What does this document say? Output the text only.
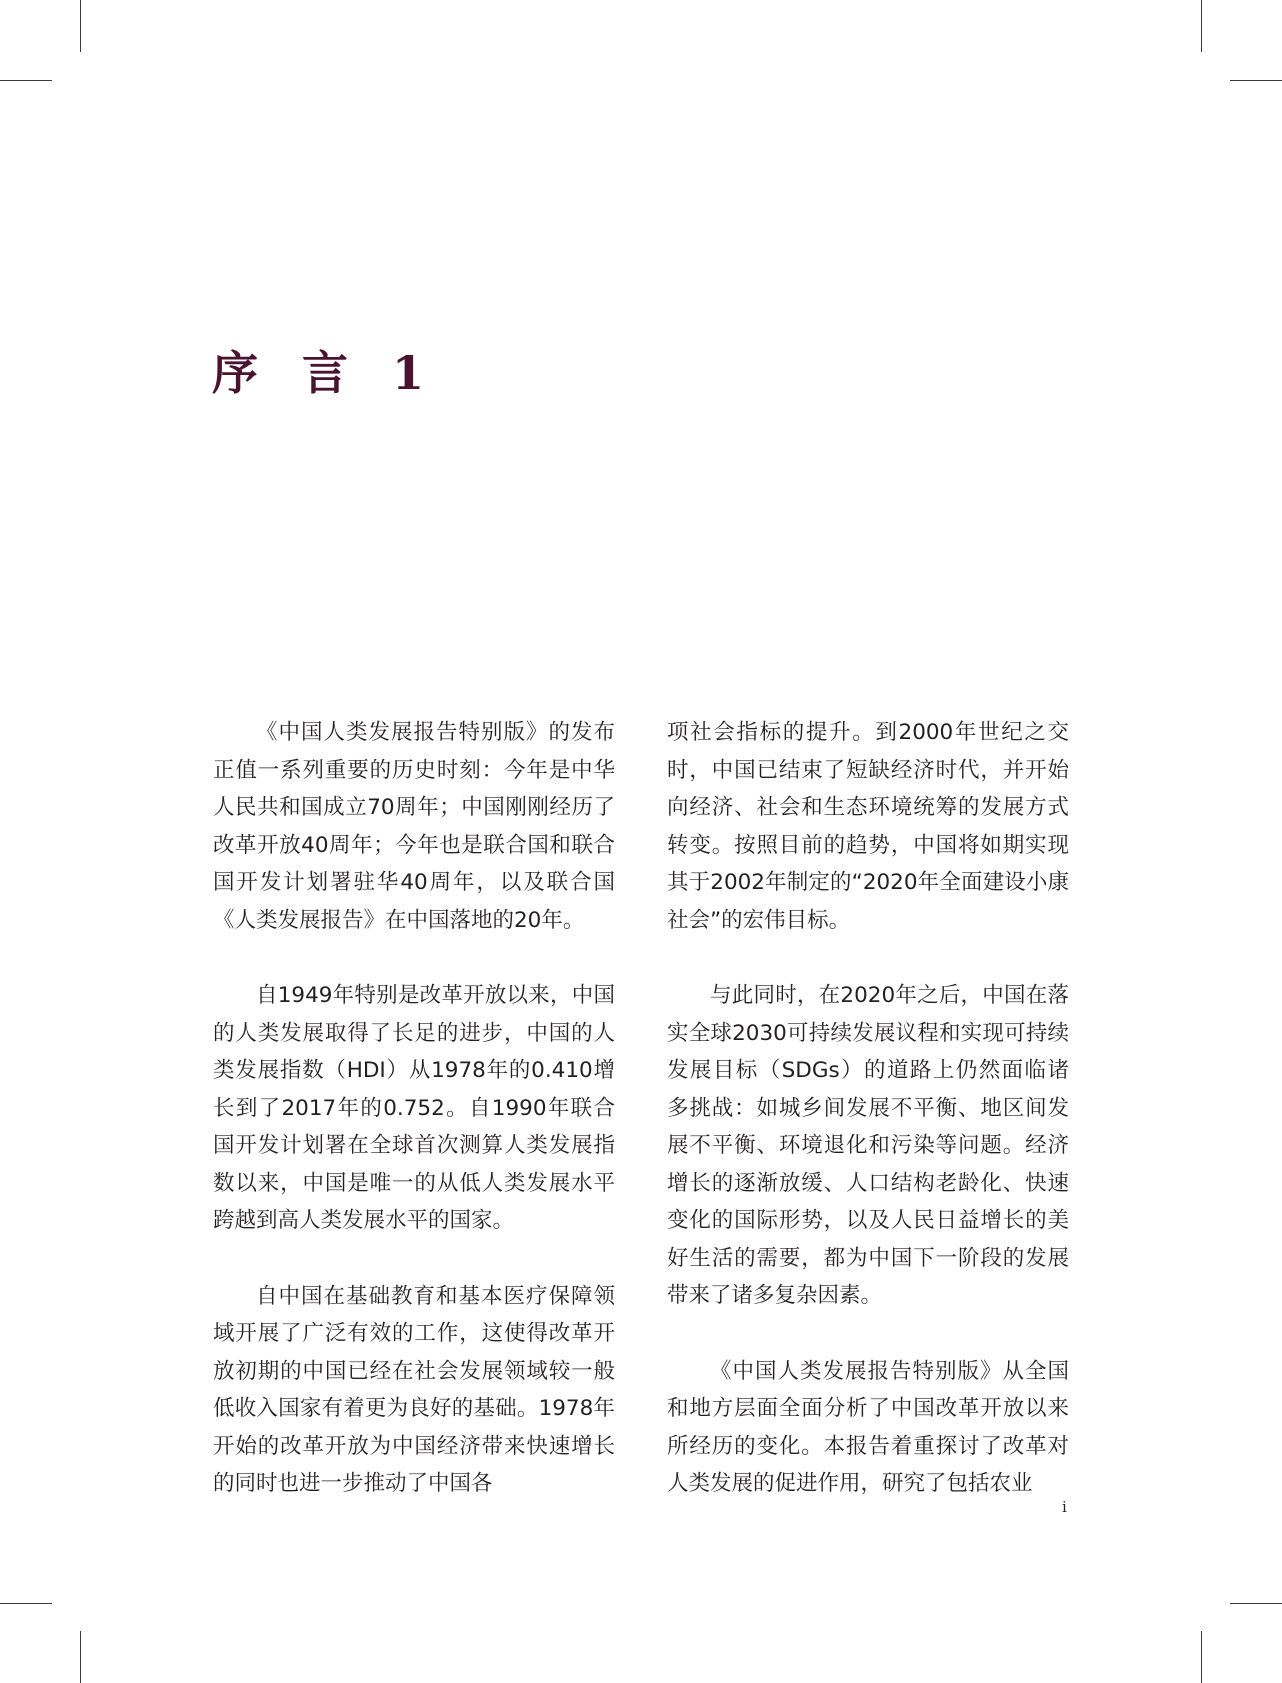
序 言 1

《中国人类发展报告特别版》的发布正值一系列重要的历史时刻：今年是中华人民共和国成立70周年；中国刚刚经历了改革开放40周年；今年也是联合国和联合国开发计划署驻华40周年，以及联合国《人类发展报告》在中国落地的20年。

自1949年特别是改革开放以来，中国的人类发展取得了长足的进步，中国的人类发展指数（HDI）从1978年的0.410增长到了2017年的0.752。自1990年联合国开发计划署在全球首次测算人类发展指数以来，中国是唯一的从低人类发展水平跨越到高人类发展水平的国家。

自中国在基础教育和基本医疗保障领域开展了广泛有效的工作，这使得改革开放初期的中国已经在社会发展领域较一般低收入国家有着更为良好的基础。1978年开始的改革开放为中国经济带来快速增长的同时也进一步推动了中国各

项社会指标的提升。到2000年世纪之交时，中国已结束了短缺经济时代，并开始向经济、社会和生态环境统筹的发展方式转变。按照目前的趋势，中国将如期实现其于2002年制定的“2020年全面建设小康社会”的宏伟目标。

与此同时，在2020年之后，中国在落实全球2030可持续发展议程和实现可持续发展目标（SDGs）的道路上仍然面临诸多挑战：如城乡间发展不平衡、地区间发展不平衡、环境退化和污染等问题。经济增长的逐渐放缓、人口结构老龄化、快速变化的国际形势，以及人民日益增长的美好生活的需要，都为中国下一阶段的发展带来了诸多复杂因素。

《中国人类发展报告特别版》从全国和地方层面全面分析了中国改革开放以来所经历的变化。本报告着重探讨了改革对人类发展的促进作用，研究了包括农业

i
